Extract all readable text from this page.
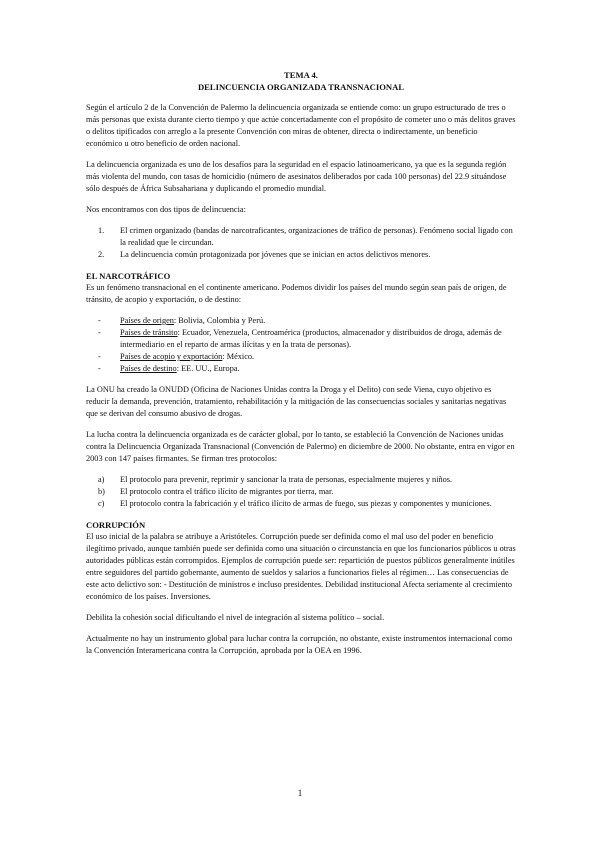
TEMA 4.
DELINCUENCIA ORGANIZADA TRANSNACIONAL

Según el artículo 2 de la Convención de Palermo la delincuencia organizada se entiende como: un grupo estructurado de tres o más personas que exista durante cierto tiempo y que actúe concertadamente con el propósito de cometer uno o más delitos graves o delitos tipificados con arreglo a la presente Convención con miras de obtener, directa o indirectamente, un beneficio económico u otro beneficio de orden nacional.

La delincuencia organizada es uno de los desafíos para la seguridad en el espacio latinoamericano, ya que es la segunda región más violenta del mundo, con tasas de homicidio (número de asesinatos deliberados por cada 100 personas) del 22.9 situándose sólo después de África Subsahariana y duplicando el promedio mundial.

Nos encontramos con dos tipos de delincuencia:

1. El crimen organizado (bandas de narcotraficantes, organizaciones de tráfico de personas). Fenómeno social ligado con la realidad que le circundan.
2. La delincuencia común protagonizada por jóvenes que se inician en actos delictivos menores.
EL NARCOTRÁFICO

Es un fenómeno transnacional en el continente americano. Podemos dividir los países del mundo según sean país de origen, de tránsito, de acopio y exportación, o de destino:

- Países de origen: Bolivia, Colombia y Perú.
- Países de tránsito: Ecuador, Venezuela, Centroamérica (productos, almacenador y distribuidos de droga, además de intermediario en el reparto de armas ilícitas y en la trata de personas).
- Países de acopio y exportación: México.
- Países de destino: EE. UU., Europa.

La ONU ha creado la ONUDD (Oficina de Naciones Unidas contra la Droga y el Delito) con sede Viena, cuyo objetivo es reducir la demanda, prevención, tratamiento, rehabilitación y la mitigación de las consecuencias sociales y sanitarias negativas que se derivan del consumo abusivo de drogas.

La lucha contra la delincuencia organizada es de carácter global, por lo tanto, se estableció la Convención de Naciones unidas contra la Delincuencia Organizada Transnacional (Convención de Palermo) en diciembre de 2000. No obstante, entra en vigor en 2003 con 147 países firmantes. Se firman tres protocolos:

a) El protocolo para prevenir, reprimir y sancionar la trata de personas, especialmente mujeres y niños.
b) El protocolo contra el tráfico ilícito de migrantes por tierra, mar.
c) El protocolo contra la fabricación y el tráfico ilícito de armas de fuego, sus piezas y componentes y municiones.
CORRUPCIÓN

El uso inicial de la palabra se atribuye a Aristóteles. Corrupción puede ser definida como el mal uso del poder en beneficio ilegítimo privado, aunque también puede ser definida como una situación o circunstancia en que los funcionarios públicos u otras autoridades públicas están corrompidos. Ejemplos de corrupción puede ser: repartición de puestos públicos generalmente inútiles entre seguidores del partido gobernante, aumento de sueldos y salarios a funcionarios fieles al régimen… Las consecuencias de este acto delictivo son: - Destitución de ministros e incluso presidentes. Debilidad institucional Afecta seriamente al crecimiento económico de los países. Inversiones.

Debilita la cohesión social dificultando el nivel de integración al sistema político – social.

Actualmente no hay un instrumento global para luchar contra la corrupción, no obstante, existe instrumentos internacional como la Convención Interamericana contra la Corrupción, aprobada por la OEA en 1996.

1
